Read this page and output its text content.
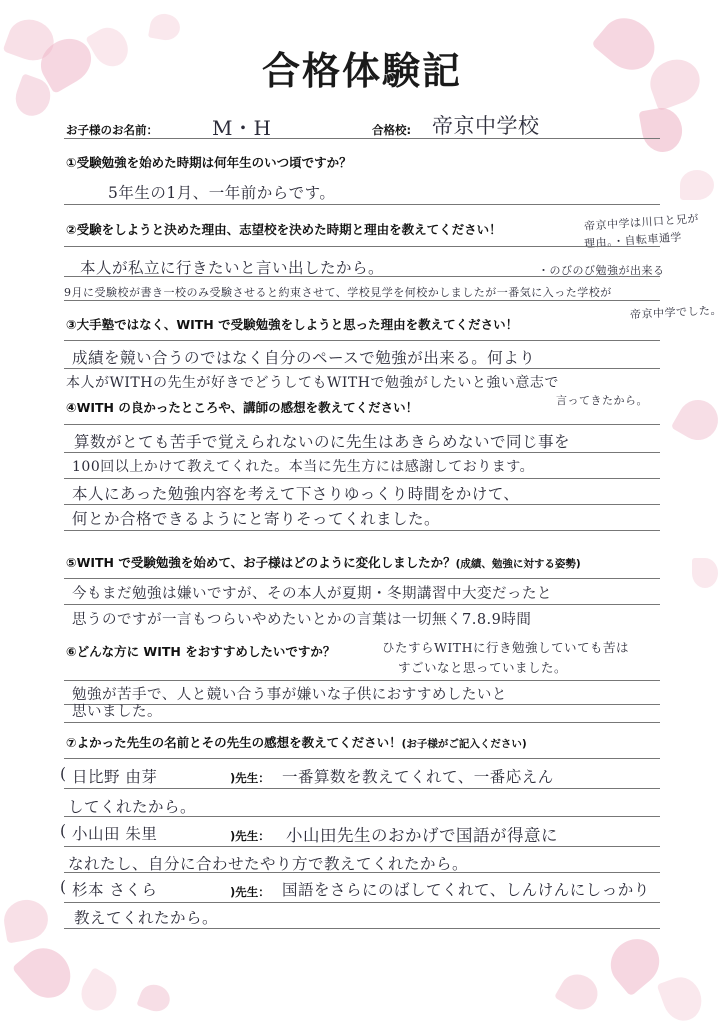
合格体験記
お子様のお名前：	M・H	合格校: 帝京中学校
①受験勉強を始めた時期は何年生のいつ頃ですか？
5年生の1月、一年前からです。
②受験をしようと決めた理由、志望校を決めた時期と理由を教えてください！	帝京中学は川口と兄が
理由。・自転車通学
・のびのび勉強が出来る
本人が私立に行きたいと言い出したから。
9月に受験校が書き一校のみ受験させると約束させて、学校見学を何校かしましたが一番気に入った学校が
帝京中学でした。
③大手塾ではなく、WITH で受験勉強をしようと思った理由を教えてください！
成績を競い合うのではなく自分のペースで勉強が出来る。何より
本人がWITHの先生が好きでどうしてもWITHで勉強がしたいと強い意志で
言ってきたから。
④WITH の良かったところや、講師の感想を教えてください！
算数がとても苦手で覚えられないのに先生はあきらめないで同じ事を
100回以上かけて教えてくれた。本当に先生方には感謝しております。
本人にあった勉強内容を考えて下さりゆっくり時間をかけて、
何とか合格できるようにと寄りそってくれました。
⑤WITH で受験勉強を始めて、お子様はどのように変化しましたか？(成績、勉強に対する姿勢)
今もまだ勉強は嫌いですが、その本人が夏期・冬期講習中大変だったと
思うのですが一言もつらいやめたいとかの言葉は一切無く7.8.9時間
ひたすらWITHに行き勉強していても苦は
すごいなと思っていました。
⑥どんな方に WITH をおすすめしたいですか？
勉強が苦手で、人と競い合う事が嫌いな子供におすすめしたいと
思いました。
⑦よかった先生の名前とその先生の感想を教えてください！(お子様がご記入ください)
( 日比野 由芽	)先生： 一番算数を教えてくれて、一番応えん
してくれたから。
( 小山田 朱里	)先生： 小山田先生のおかげで国語が得意に
なれたし、自分に合わせたやり方で教えてくれたから。
( 杉本 さくら	)先生： 国語をさらにのばしてくれて、しんけんにしっかり
教えてくれたから。
